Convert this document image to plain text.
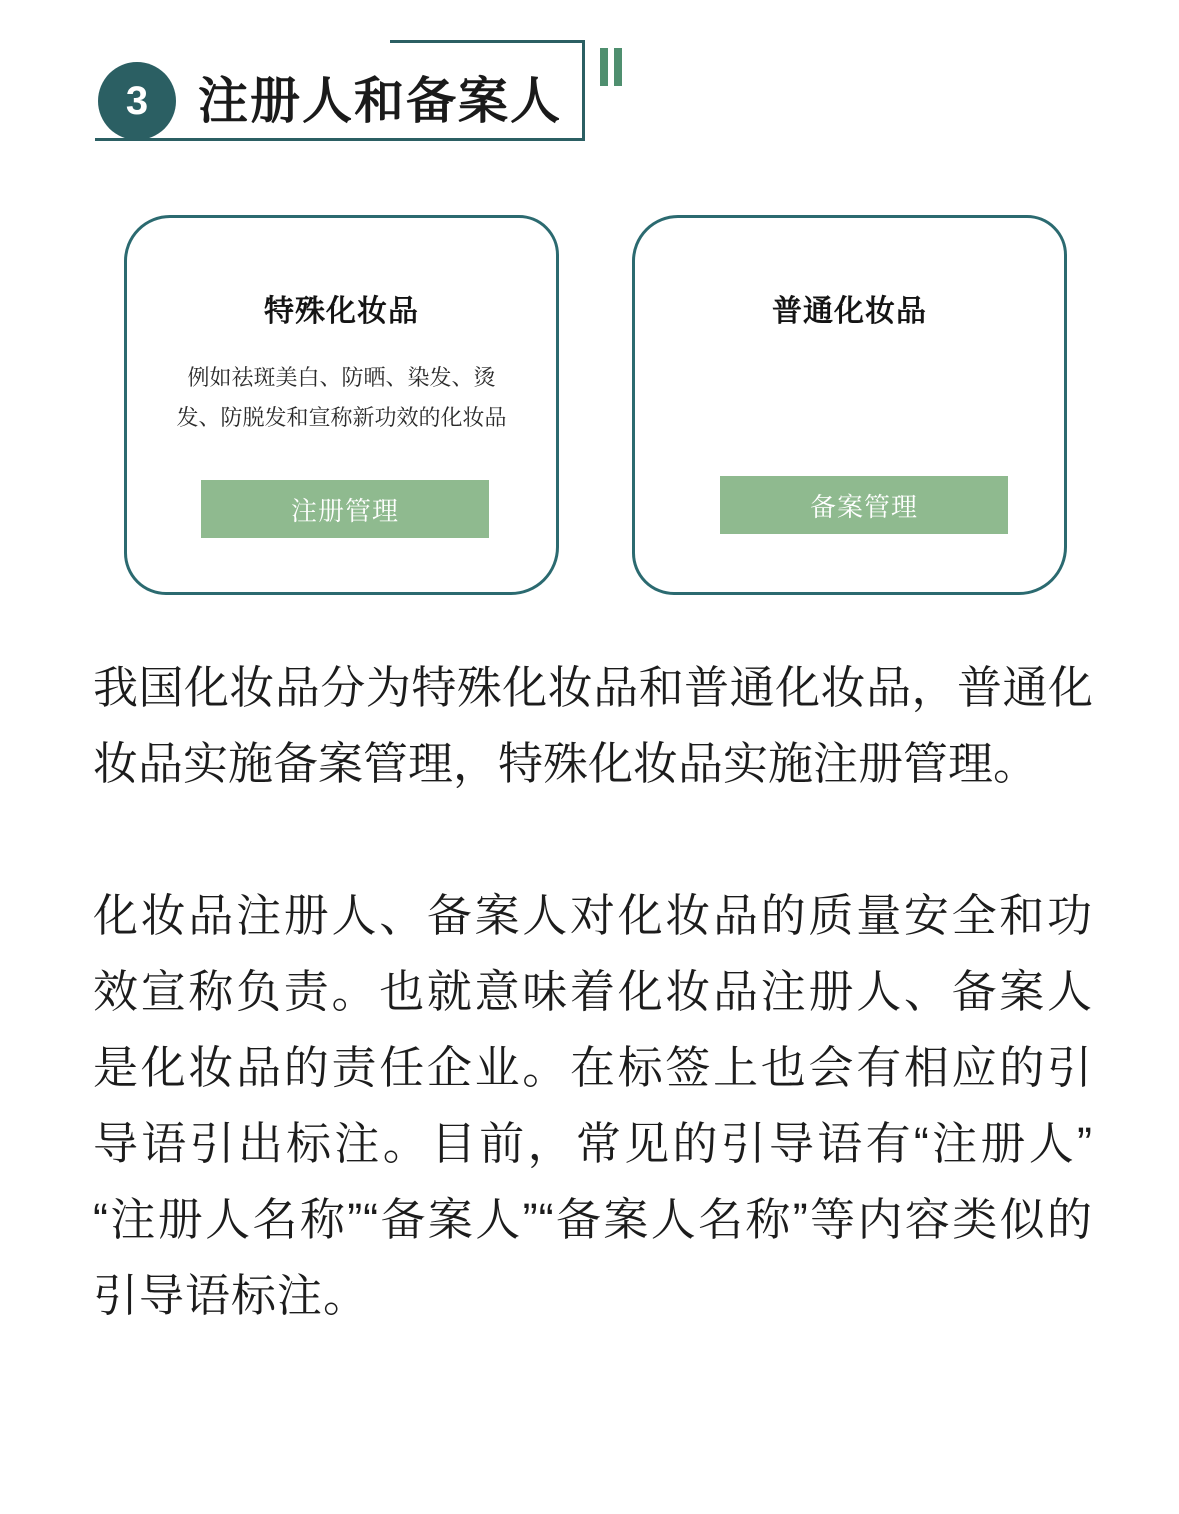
3 注册人和备案人
特殊化妆品
例如祛斑美白、防晒、染发、烫发、防脱发和宣称新功效的化妆品
注册管理
普通化妆品
备案管理

我国化妆品分为特殊化妆品和普通化妆品，普通化妆品实施备案管理，特殊化妆品实施注册管理。

化妆品注册人、备案人对化妆品的质量安全和功效宣称负责。也就意味着化妆品注册人、备案人是化妆品的责任企业。在标签上也会有相应的引导语引出标注。目前，常见的引导语有“注册人”“注册人名称”“备案人”“备案人名称”等内容类似的引导语标注。
